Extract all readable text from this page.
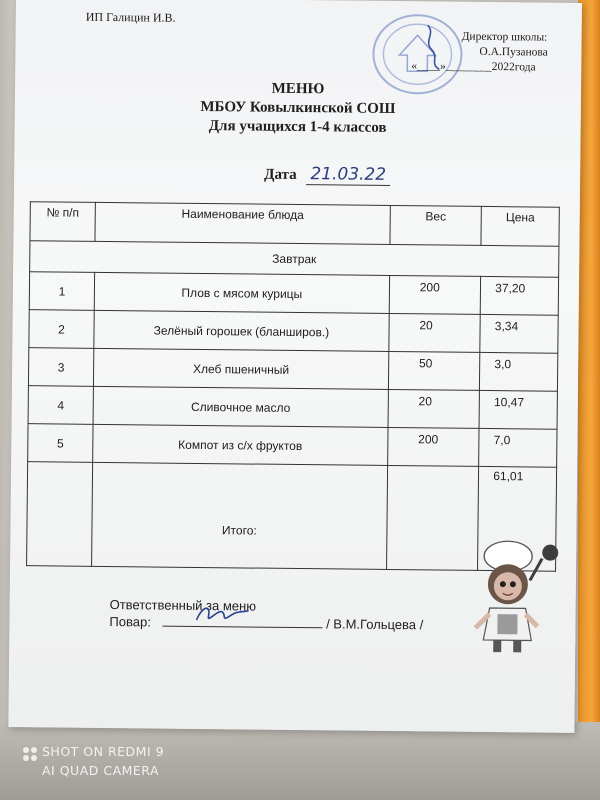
ИП Галицин И.В.
Директор школы:
О.А.Пузанова
«____»________2022года
МЕНЮ
МБОУ Ковылкинской СОШ
Для учащихся 1-4 классов
Дата 21.03.22
№ п/п	Наименование блюда	Вес	Цена
Завтрак			
1	Плов с мясом курицы	200	37,20
2	Зелёный горошек (бланширов.)	20	3,34
3	Хлеб пшеничный	50	3,0
4	Сливочное масло	20	10,47
5	Компот из с/х фруктов	200	7,0
	Итого:		61,01
Ответственный за меню
Повар:	/ В.М.Гольцева /
SHOT ON REDMI 9
AI QUAD CAMERA
